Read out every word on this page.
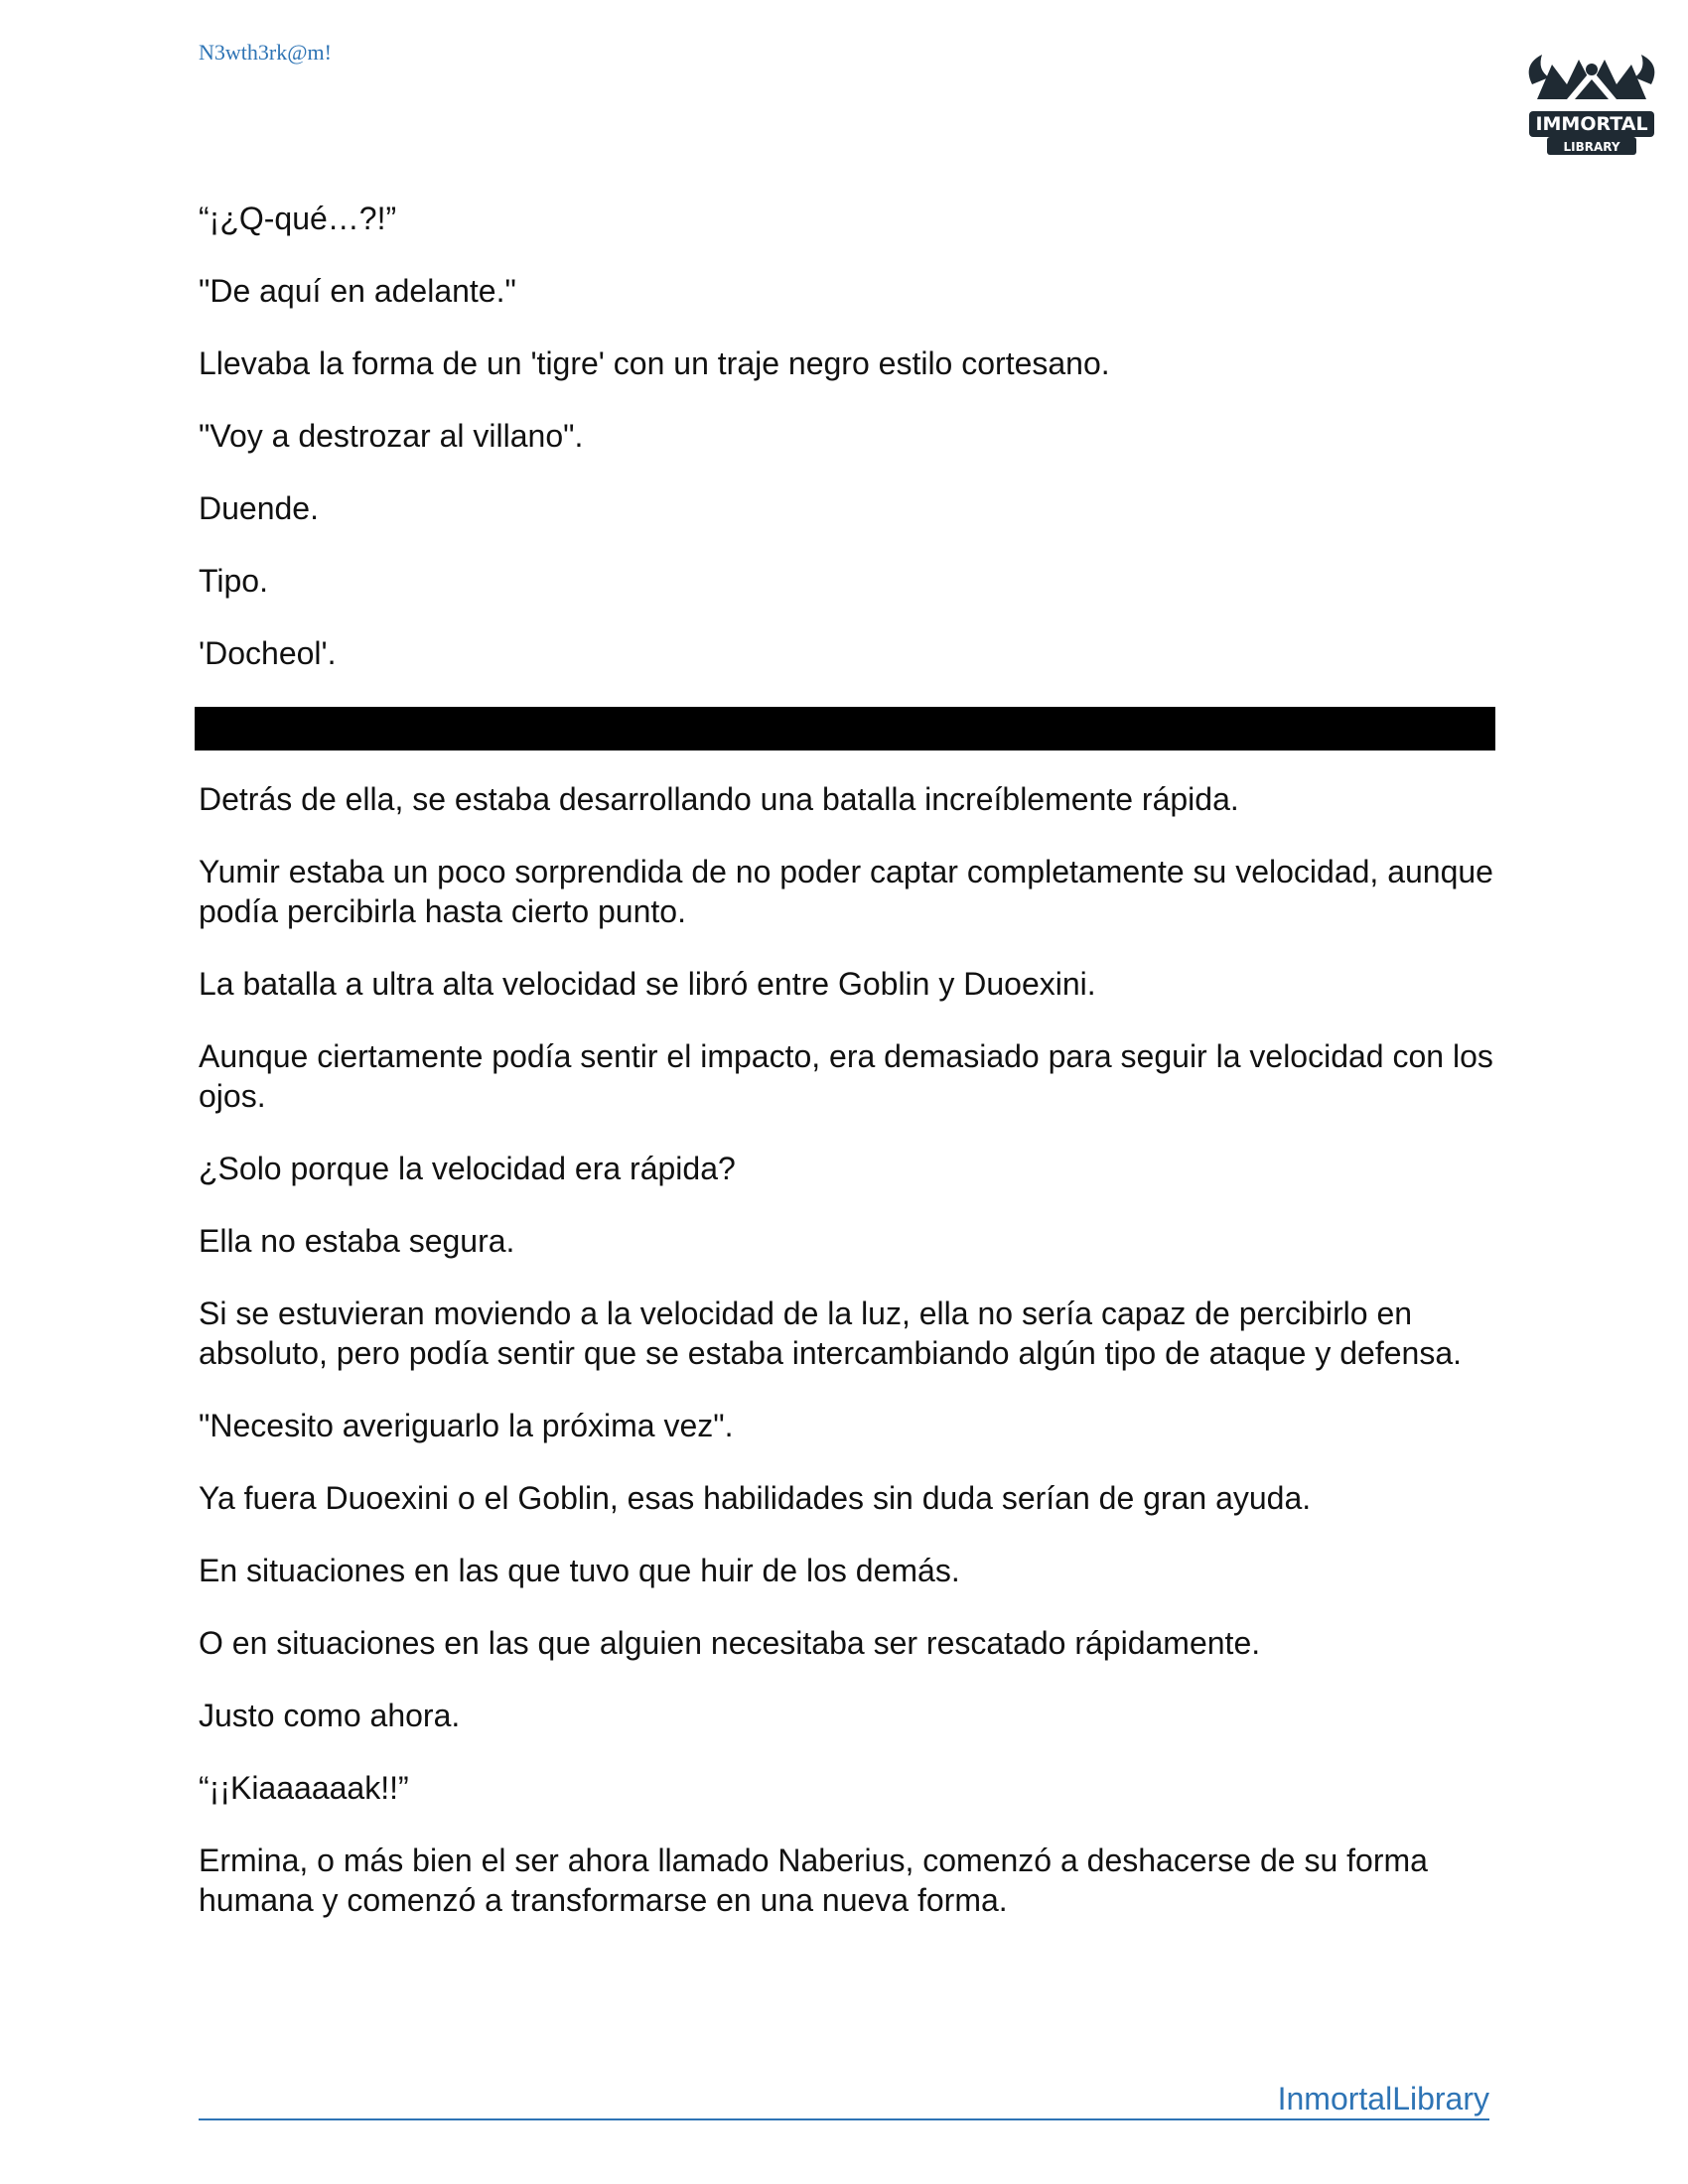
N3wth3rk@m!
IMMORTAL
LIBRARY

“¡¿Q-qué…?!”

"De aquí en adelante."

Llevaba la forma de un 'tigre' con un traje negro estilo cortesano.

"Voy a destrozar al villano".

Duende.

Tipo.

'Docheol'.

Detrás de ella, se estaba desarrollando una batalla increíblemente rápida.

Yumir estaba un poco sorprendida de no poder captar completamente su velocidad, aunque podía percibirla hasta cierto punto.

La batalla a ultra alta velocidad se libró entre Goblin y Duoexini.

Aunque ciertamente podía sentir el impacto, era demasiado para seguir la velocidad con los ojos.

¿Solo porque la velocidad era rápida?

Ella no estaba segura.

Si se estuvieran moviendo a la velocidad de la luz, ella no sería capaz de percibirlo en absoluto, pero podía sentir que se estaba intercambiando algún tipo de ataque y defensa.

"Necesito averiguarlo la próxima vez".

Ya fuera Duoexini o el Goblin, esas habilidades sin duda serían de gran ayuda.

En situaciones en las que tuvo que huir de los demás.

O en situaciones en las que alguien necesitaba ser rescatado rápidamente.

Justo como ahora.

“¡¡Kiaaaaaak!!”

Ermina, o más bien el ser ahora llamado Naberius, comenzó a deshacerse de su forma humana y comenzó a transformarse en una nueva forma.

InmortalLibrary
